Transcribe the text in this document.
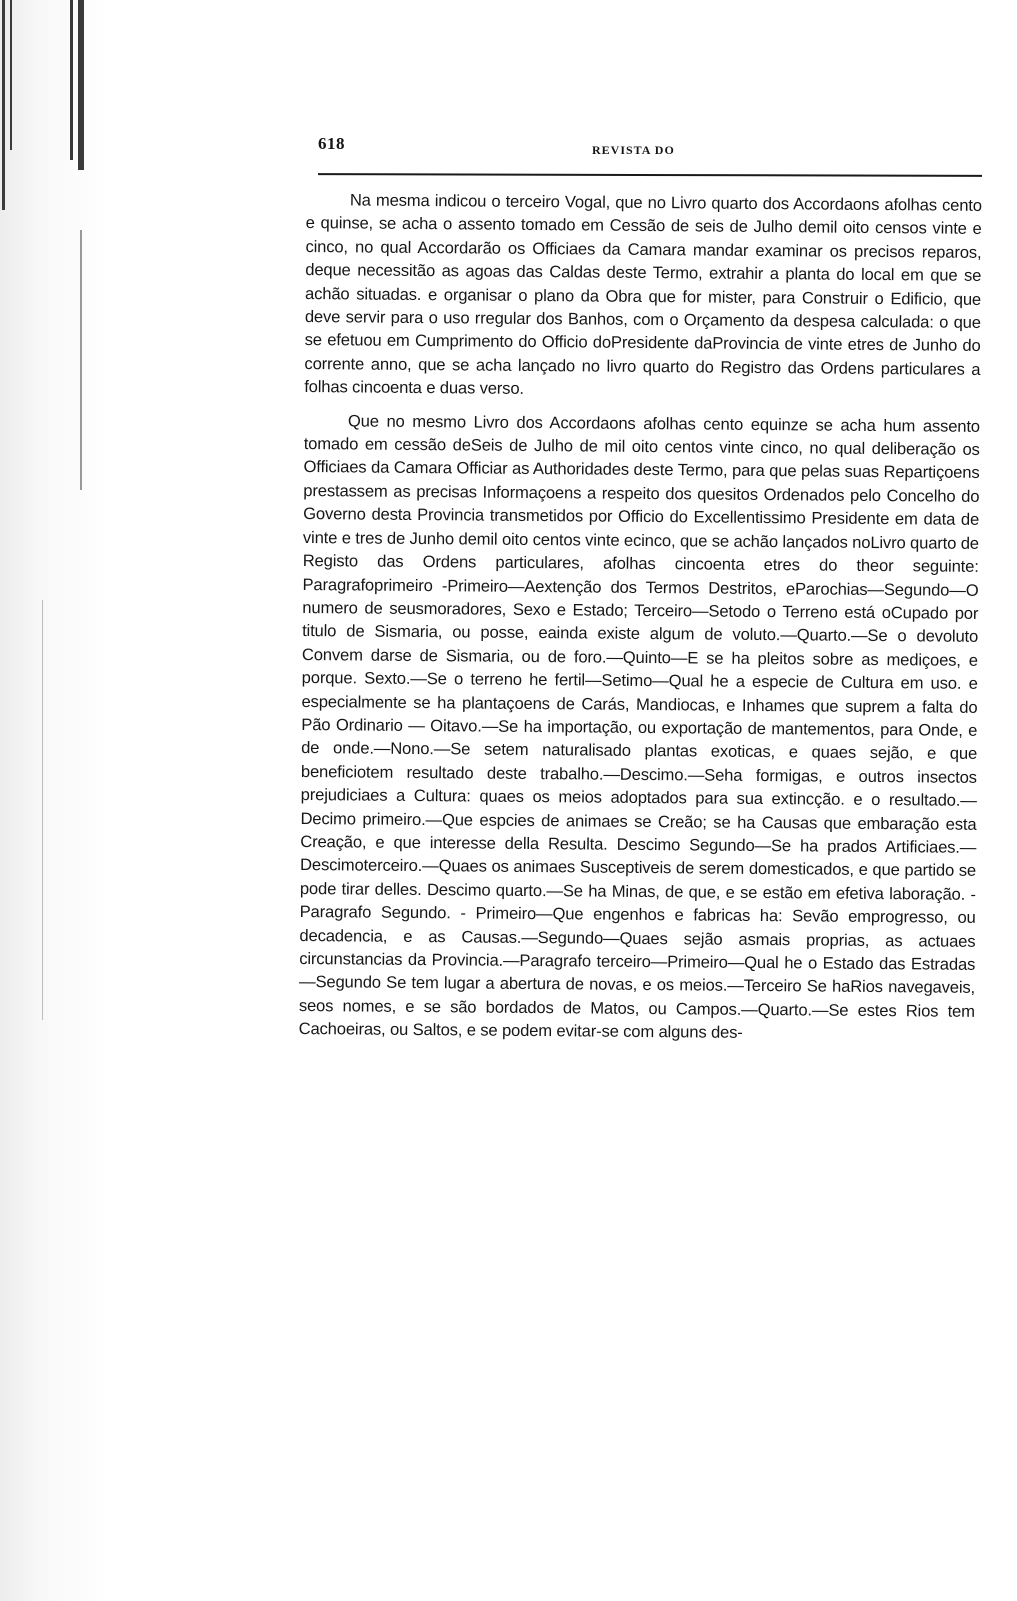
618	REVISTA DO

Na mesma indicou o terceiro Vogal, que no Livro quarto dos Accordaons afolhas cento e quinse, se acha o assento tomado em Cessão de seis de Julho demil oito censos vinte e cinco, no qual Accordarão os Officiaes da Camara mandar examinar os precisos reparos, deque necessitão as agoas das Caldas deste Termo, extrahir a planta do local em que se achão situadas. e organisar o plano da Obra que for mister, para Construir o Edificio, que deve servir para o uso rregular dos Banhos, com o Orçamento da despesa calculada: o que se efetuou em Cumprimento do Officio doPresidente daProvincia de vinte etres de Junho do corrente anno, que se acha lançado no livro quarto do Registro das Ordens particulares a folhas cincoenta e duas verso.

Que no mesmo Livro dos Accordaons afolhas cento equinze se acha hum assento tomado em cessão deSeis de Julho de mil oito centos vinte cinco, no qual deliberação os Officiaes da Camara Officiar as Authoridades deste Termo, para que pelas suas Repartiçoens prestassem as precisas Informaçoens a respeito dos quesitos Ordenados pelo Concelho do Governo desta Provincia transmetidos por Officio do Excellentissimo Presidente em data de vinte e tres de Junho demil oito centos vinte ecinco, que se achão lançados noLivro quarto de Registo das Ordens particulares, afolhas cincoenta etres do theor seguinte: Paragrafoprimeiro -Primeiro—Aextenção dos Termos Destritos, eParochias—Segundo—O numero de seusmoradores, Sexo e Estado; Terceiro—Setodo o Terreno está oCupado por titulo de Sismaria, ou posse, eainda existe algum de voluto.—Quarto.—Se o devoluto Convem darse de Sismaria, ou de foro.—Quinto—E se ha pleitos sobre as mediçoes, e porque. Sexto.—Se o terreno he fertil—Setimo—Qual he a especie de Cultura em uso. e especialmente se ha plantaçoens de Carás, Mandiocas, e Inhames que suprem a falta do Pão Ordinario — Oitavo.—Se ha importação, ou exportação de mantementos, para Onde, e de onde.—Nono.—Se setem naturalisado plantas exoticas, e quaes sejão, e que beneficiotem resultado deste trabalho.—Descimo.—Seha formigas, e outros insectos prejudiciaes a Cultura: quaes os meios adoptados para sua extincção. e o resultado.—Decimo primeiro.—Que espcies de animaes se Creão; se ha Causas que embaração esta Creação, e que interesse della Resulta. Descimo Segundo—Se ha prados Artificiaes.—Descimoterceiro.—Quaes os animaes Susceptiveis de serem domesticados, e que partido se pode tirar delles. Descimo quarto.—Se ha Minas, de que, e se estão em efetiva laboração. -Paragrafo Segundo. - Primeiro—Que engenhos e fabricas ha: Sevão emprogresso, ou decadencia, e as Causas.—Segundo—Quaes sejão asmais proprias, as actuaes circunstancias da Provincia.—Paragrafo terceiro—Primeiro—Qual he o Estado das Estradas—Segundo Se tem lugar a abertura de novas, e os meios.—Terceiro Se haRios navegaveis, seos nomes, e se são bordados de Matos, ou Campos.—Quarto.—Se estes Rios tem Cachoeiras, ou Saltos, e se podem evitar-se com alguns des-
